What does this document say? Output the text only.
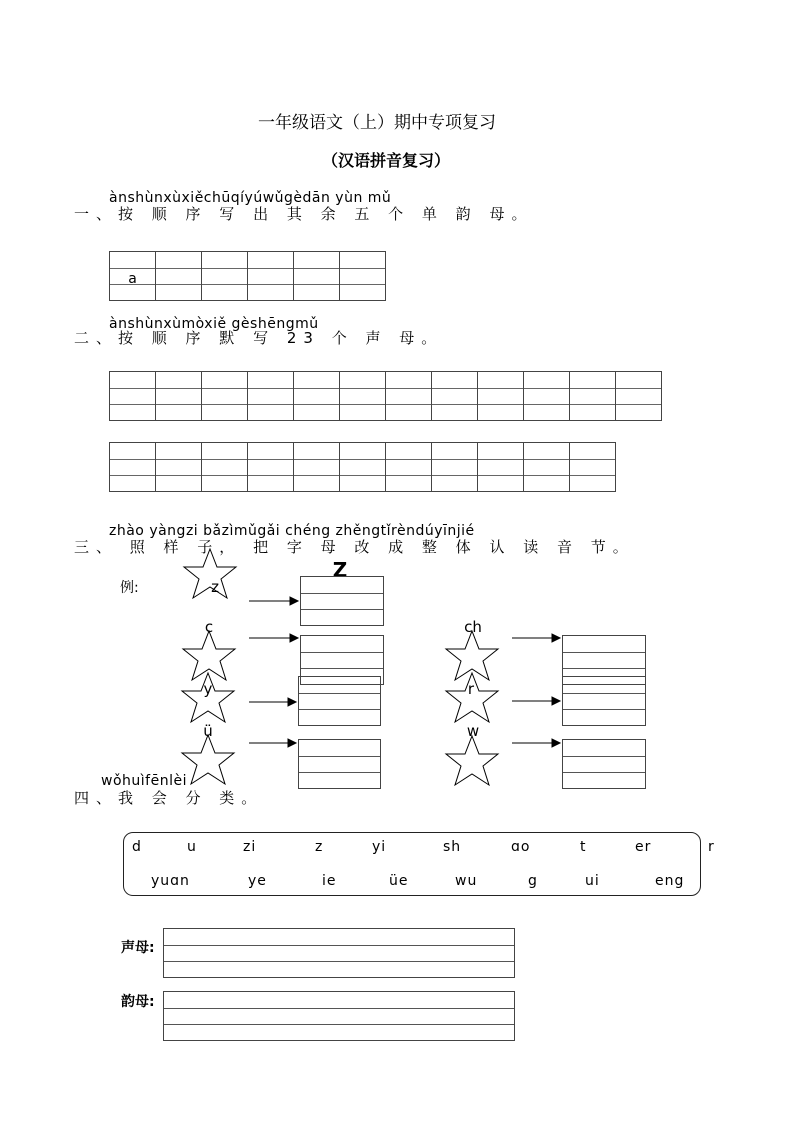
一年级语文（上）期中专项复习
（汉语拼音复习）
ànshùnxùxiěchūqíyúwǔgèdān yùn mǔ
一、按 顺 序 写 出 其 余 五 个 单 韵 母。
a
ànshùnxùmòxiě gèshēngmǔ
二、按 顺 序 默 写 23 个 声 母。
zhào yàngzi bǎzìmǔgǎi chéng zhěngtǐrèndúyīnjié
三、 照 样 子， 把 字 母 改 成 整 体 认 读 音 节。
例:	z
Z
c
y
ü
ch
r
w
wǒhuìfēnlèi
四、我 会 分 类。
d	u	zi	z	yi	sh	ɑo	t	er	r
yuɑn	ye	ie	üe	wu	g	ui	eng
声母:
韵母:
